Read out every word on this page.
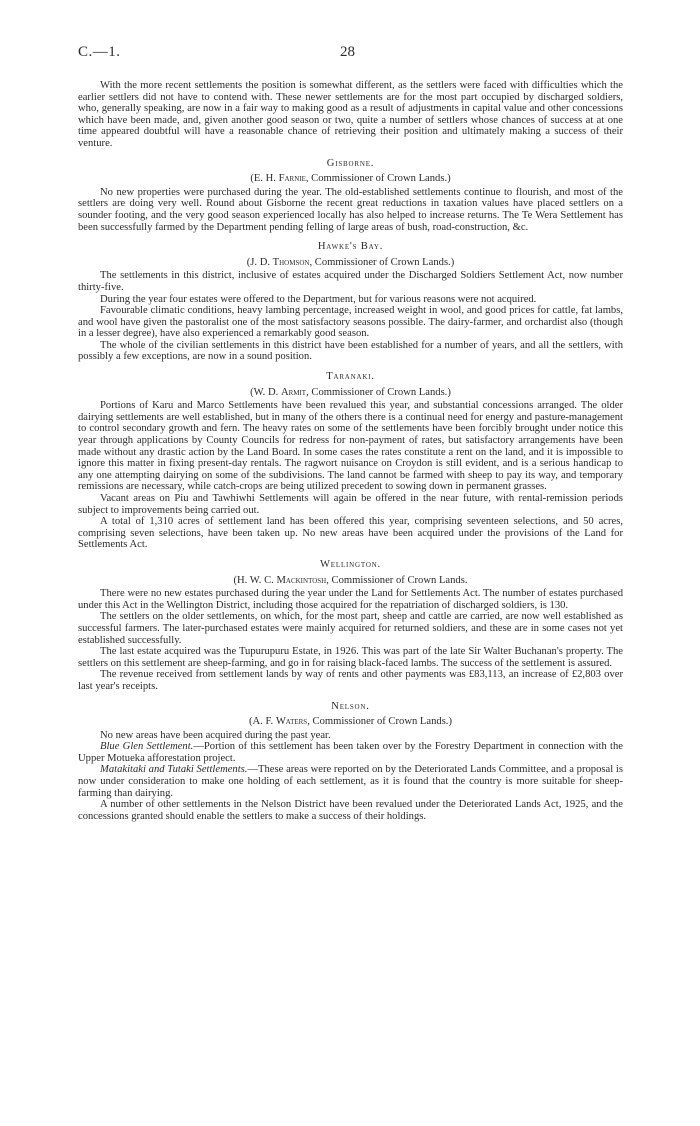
C.—1.	28

With the more recent settlements the position is somewhat different, as the settlers were faced with difficulties which the earlier settlers did not have to contend with. These newer settlements are for the most part occupied by discharged soldiers, who, generally speaking, are now in a fair way to making good as a result of adjustments in capital value and other concessions which have been made, and, given another good season or two, quite a number of settlers whose chances of success at at one time appeared doubtful will have a reasonable chance of retrieving their position and ultimately making a success of their venture.

Gisborne.
(E. H. Farnie, Commissioner of Crown Lands.)

No new properties were purchased during the year. The old-established settlements continue to flourish, and most of the settlers are doing very well. Round about Gisborne the recent great reductions in taxation values have placed settlers on a sounder footing, and the very good season experienced locally has also helped to increase returns. The Te Wera Settlement has been successfully farmed by the Department pending felling of large areas of bush, road-construction, &c.

Hawke's Bay.
(J. D. Thomson, Commissioner of Crown Lands.)

The settlements in this district, inclusive of estates acquired under the Discharged Soldiers Settlement Act, now number thirty-five.

During the year four estates were offered to the Department, but for various reasons were not acquired.

Favourable climatic conditions, heavy lambing percentage, increased weight in wool, and good prices for cattle, fat lambs, and wool have given the pastoralist one of the most satisfactory seasons possible. The dairy-farmer, and orchardist also (though in a lesser degree), have also experienced a remarkably good season.

The whole of the civilian settlements in this district have been established for a number of years, and all the settlers, with possibly a few exceptions, are now in a sound position.

Taranaki.
(W. D. Armit, Commissioner of Crown Lands.)

Portions of Karu and Marco Settlements have been revalued this year, and substantial concessions arranged. The older dairying settlements are well established, but in many of the others there is a continual need for energy and pasture-management to control secondary growth and fern. The heavy rates on some of the settlements have been forcibly brought under notice this year through applications by County Councils for redress for non-payment of rates, but satisfactory arrangements have been made without any drastic action by the Land Board. In some cases the rates constitute a rent on the land, and it is impossible to ignore this matter in fixing present-day rentals. The ragwort nuisance on Croydon is still evident, and is a serious handicap to any one attempting dairying on some of the subdivisions. The land cannot be farmed with sheep to pay its way, and temporary remissions are necessary, while catch-crops are being utilized precedent to sowing down in permanent grasses.

Vacant areas on Piu and Tawhiwhi Settlements will again be offered in the near future, with rental-remission periods subject to improvements being carried out.

A total of 1,310 acres of settlement land has been offered this year, comprising seventeen selections, and 50 acres, comprising seven selections, have been taken up. No new areas have been acquired under the provisions of the Land for Settlements Act.

Wellington.
(H. W. C. Mackintosh, Commissioner of Crown Lands.

There were no new estates purchased during the year under the Land for Settlements Act. The number of estates purchased under this Act in the Wellington District, including those acquired for the repatriation of discharged soldiers, is 130.

The settlers on the older settlements, on which, for the most part, sheep and cattle are carried, are now well established as successful farmers. The later-purchased estates were mainly acquired for returned soldiers, and these are in some cases not yet established successfully.

The last estate acquired was the Tupurupuru Estate, in 1926. This was part of the late Sir Walter Buchanan's property. The settlers on this settlement are sheep-farming, and go in for raising black-faced lambs. The success of the settlement is assured.

The revenue received from settlement lands by way of rents and other payments was £83,113, an increase of £2,803 over last year's receipts.

Nelson.
(A. F. Waters, Commissioner of Crown Lands.)

No new areas have been acquired during the past year.

Blue Glen Settlement.—Portion of this settlement has been taken over by the Forestry Department in connection with the Upper Motueka afforestation project.

Matakitaki and Tutaki Settlements.—These areas were reported on by the Deteriorated Lands Committee, and a proposal is now under consideration to make one holding of each settlement, as it is found that the country is more suitable for sheep-farming than dairying.

A number of other settlements in the Nelson District have been revalued under the Deteriorated Lands Act, 1925, and the concessions granted should enable the settlers to make a success of their holdings.
